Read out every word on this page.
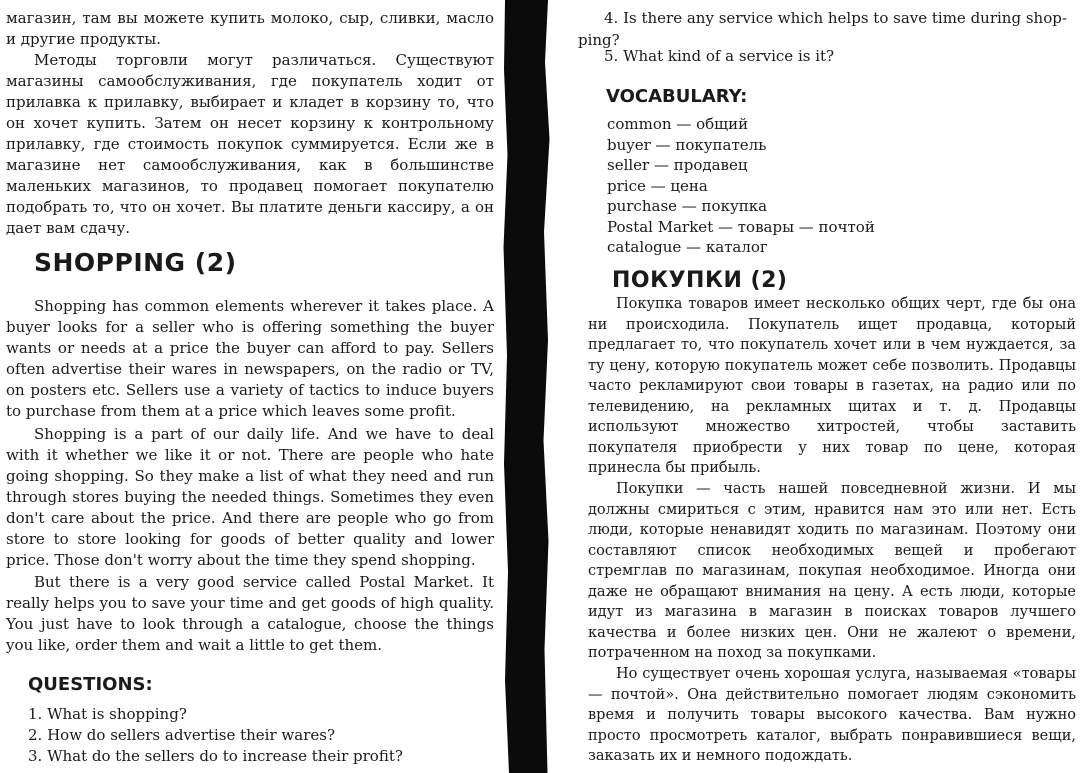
магазин, там вы можете купить молоко, сыр, сливки, масло и другие продукты.

Методы торговли могут различаться. Существуют магазины самообслуживания, где покупатель ходит от прилавка к прилавку, выбирает и кладет в корзину то, что он хочет купить. Затем он несет корзину к контрольному прилавку, где стоимость покупок суммируется. Если же в магазине нет самообслуживания, как в большинстве маленьких магазинов, то продавец помогает покупателю подобрать то, что он хочет. Вы платите деньги кассиру, а он дает вам сдачу.

SHOPPING (2)

Shopping has common elements wherever it takes place. A buyer looks for a seller who is offering something the buyer wants or needs at a price the buyer can afford to pay. Sellers often advertise their wares in newspapers, on the radio or TV, on posters etc. Sellers use a variety of tactics to induce buyers to purchase from them at a price which leaves some profit.

Shopping is a part of our daily life. And we have to deal with it whether we like it or not. There are people who hate going shopping. So they make a list of what they need and run through stores buying the needed things. Sometimes they even don't care about the price. And there are people who go from store to store looking for goods of better quality and lower price. Those don't worry about the time they spend shopping.

But there is a very good service called Postal Market. It really helps you to save your time and get goods of high quality. You just have to look through a catalogue, choose the things you like, order them and wait a little to get them.

QUESTIONS:

1. What is shopping?

2. How do sellers advertise their wares?

3. What do the sellers do to increase their profit?

4. Is there any service which helps to save time during shop-

ping?

5. What kind of a service is it?

VOCABULARY:

common — общий

buyer — покупатель

seller — продавец

price — цена

purchase — покупка

Postal Market — товары — почтой

catalogue — каталог

ПОКУПКИ (2)

Покупка товаров имеет несколько общих черт, где бы она ни происходила. Покупатель ищет продавца, который предлагает то, что покупатель хочет или в чем нуждается, за ту цену, которую покупатель может себе позволить. Продавцы часто рекламируют свои товары в газетах, на радио или по телевидению, на рекламных щитах и т. д. Продавцы используют множество хитростей, чтобы заставить покупателя приобрести у них товар по цене, которая принесла бы прибыль.

Покупки — часть нашей повседневной жизни. И мы должны смириться с этим, нравится нам это или нет. Есть люди, которые ненавидят ходить по магазинам. Поэтому они составляют список необходимых вещей и пробегают стремглав по магазинам, покупая необходимое. Иногда они даже не обращают внимания на цену. А есть люди, которые идут из магазина в магазин в поисках товаров лучшего качества и более низких цен. Они не жалеют о времени, потраченном на поход за покупками.

Но существует очень хорошая услуга, называемая «товары — почтой». Она действительно помогает людям сэкономить время и получить товары высокого качества. Вам нужно просто просмотреть каталог, выбрать понравившиеся вещи, заказать их и немного подождать.
